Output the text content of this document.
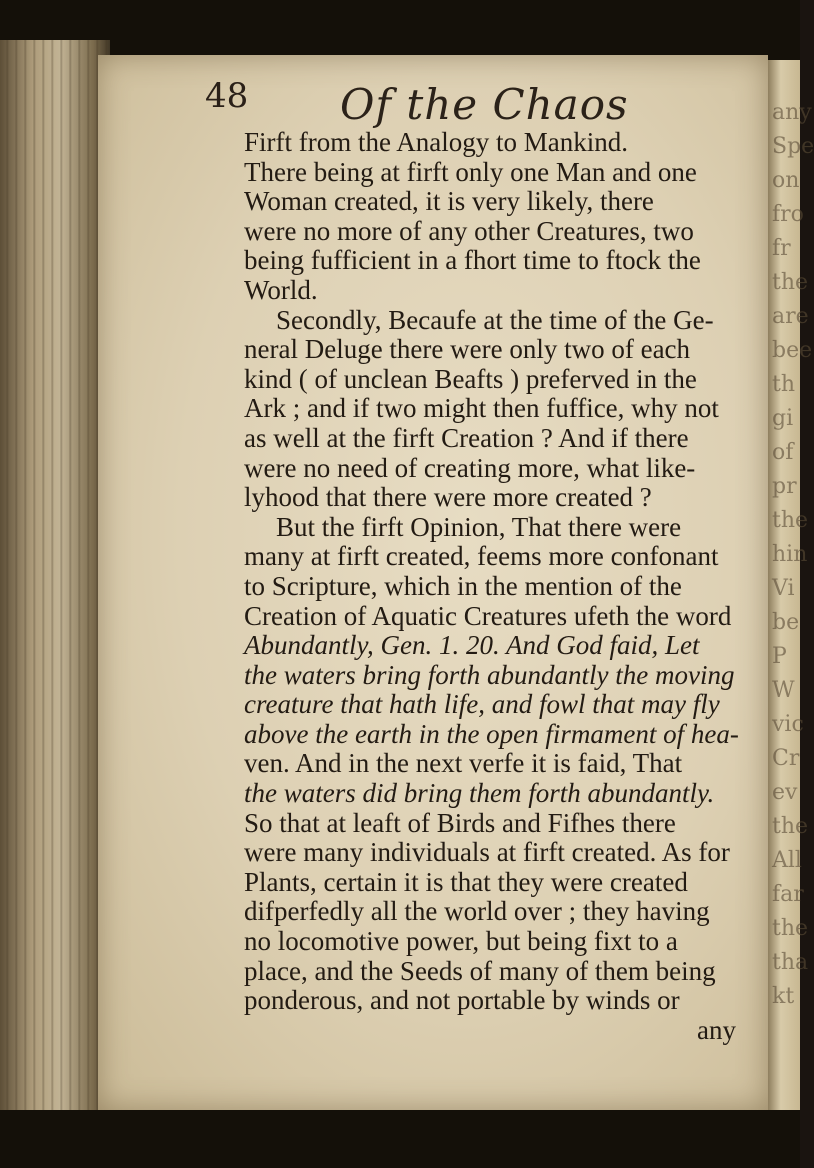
any
Spe
on
fro
fr
the
are
bee
th
gi
of
pr
the
hin
Vi
be
P
W
vic
Cr
ev
the
All
far
the
tha
kt
48 Of the Chaos

Firft from the Analogy to Mankind.
There being at firft only one Man and one
Woman created, it is very likely, there
were no more of any other Creatures, two
being fufficient in a fhort time to ftock the
World.

Secondly, Becaufe at the time of the Ge-
neral Deluge there were only two of each
kind ( of unclean Beafts ) preferved in the
Ark ; and if two might then fuffice, why not
as well at the firft Creation ? And if there
were no need of creating more, what like-
lyhood that there were more created ?

But the firft Opinion, That there were
many at firft created, feems more confonant
to Scripture, which in the mention of the
Creation of Aquatic Creatures ufeth the word
Abundantly, Gen. 1. 20. And God faid, Let
the waters bring forth abundantly the moving
creature that hath life, and fowl that may fly
above the earth in the open firmament of hea-
ven. And in the next verfe it is faid, That
the waters did bring them forth abundantly.
So that at leaft of Birds and Fifhes there
were many individuals at firft created. As for
Plants, certain it is that they were created
difperfedly all the world over ; they having
no locomotive power, but being fixt to a
place, and the Seeds of many of them being
ponderous, and not portable by winds or

any
